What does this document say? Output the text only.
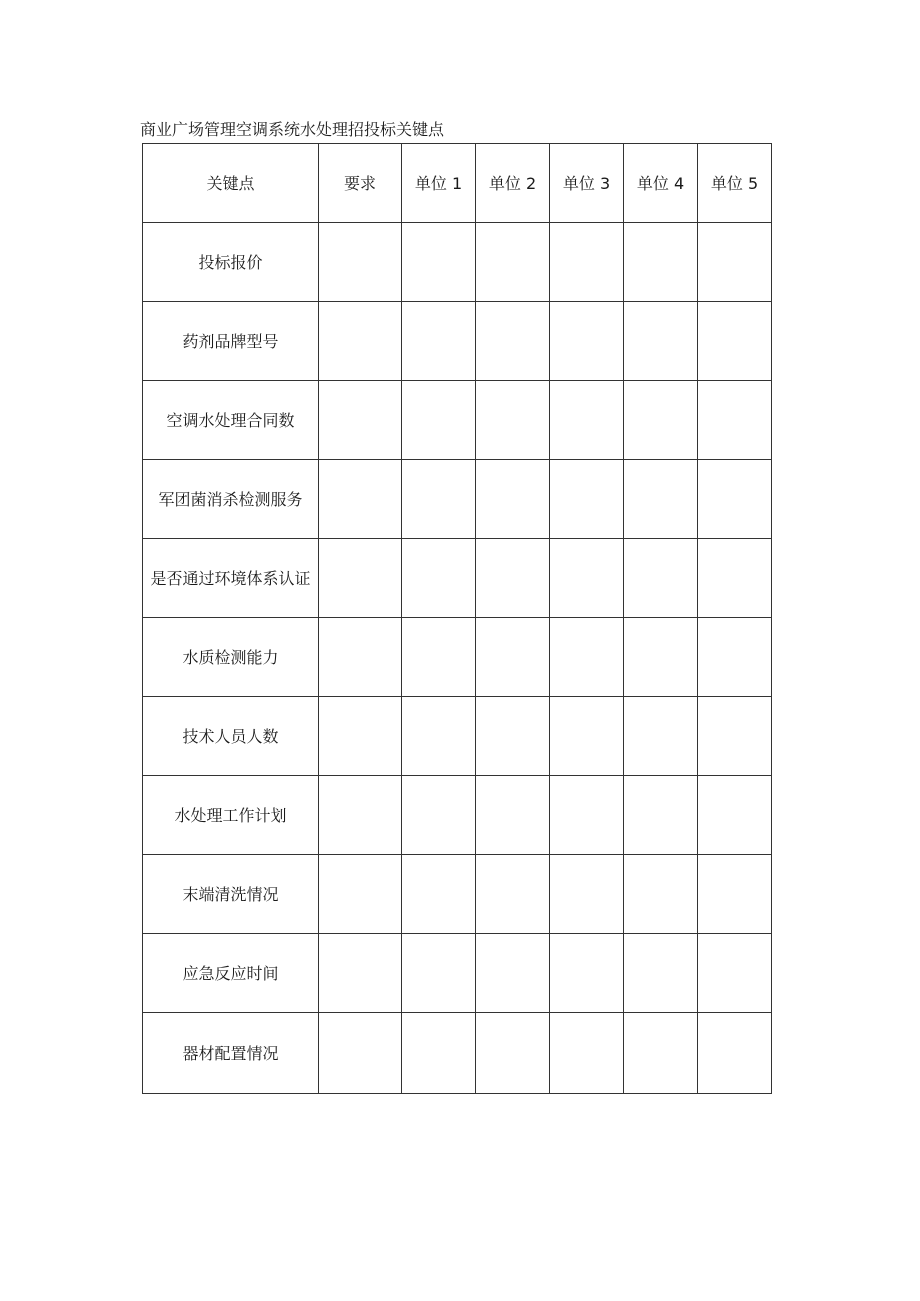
商业广场管理空调系统水处理招投标关键点
关键点	要求	单位 1	单位 2	单位 3	单位 4	单位 5
投标报价						
药剂品牌型号						
空调水处理合同数						
军团菌消杀检测服务						
是否通过环境体系认证						
水质检测能力						
技术人员人数						
水处理工作计划						
末端清洗情况						
应急反应时间						
器材配置情况						
